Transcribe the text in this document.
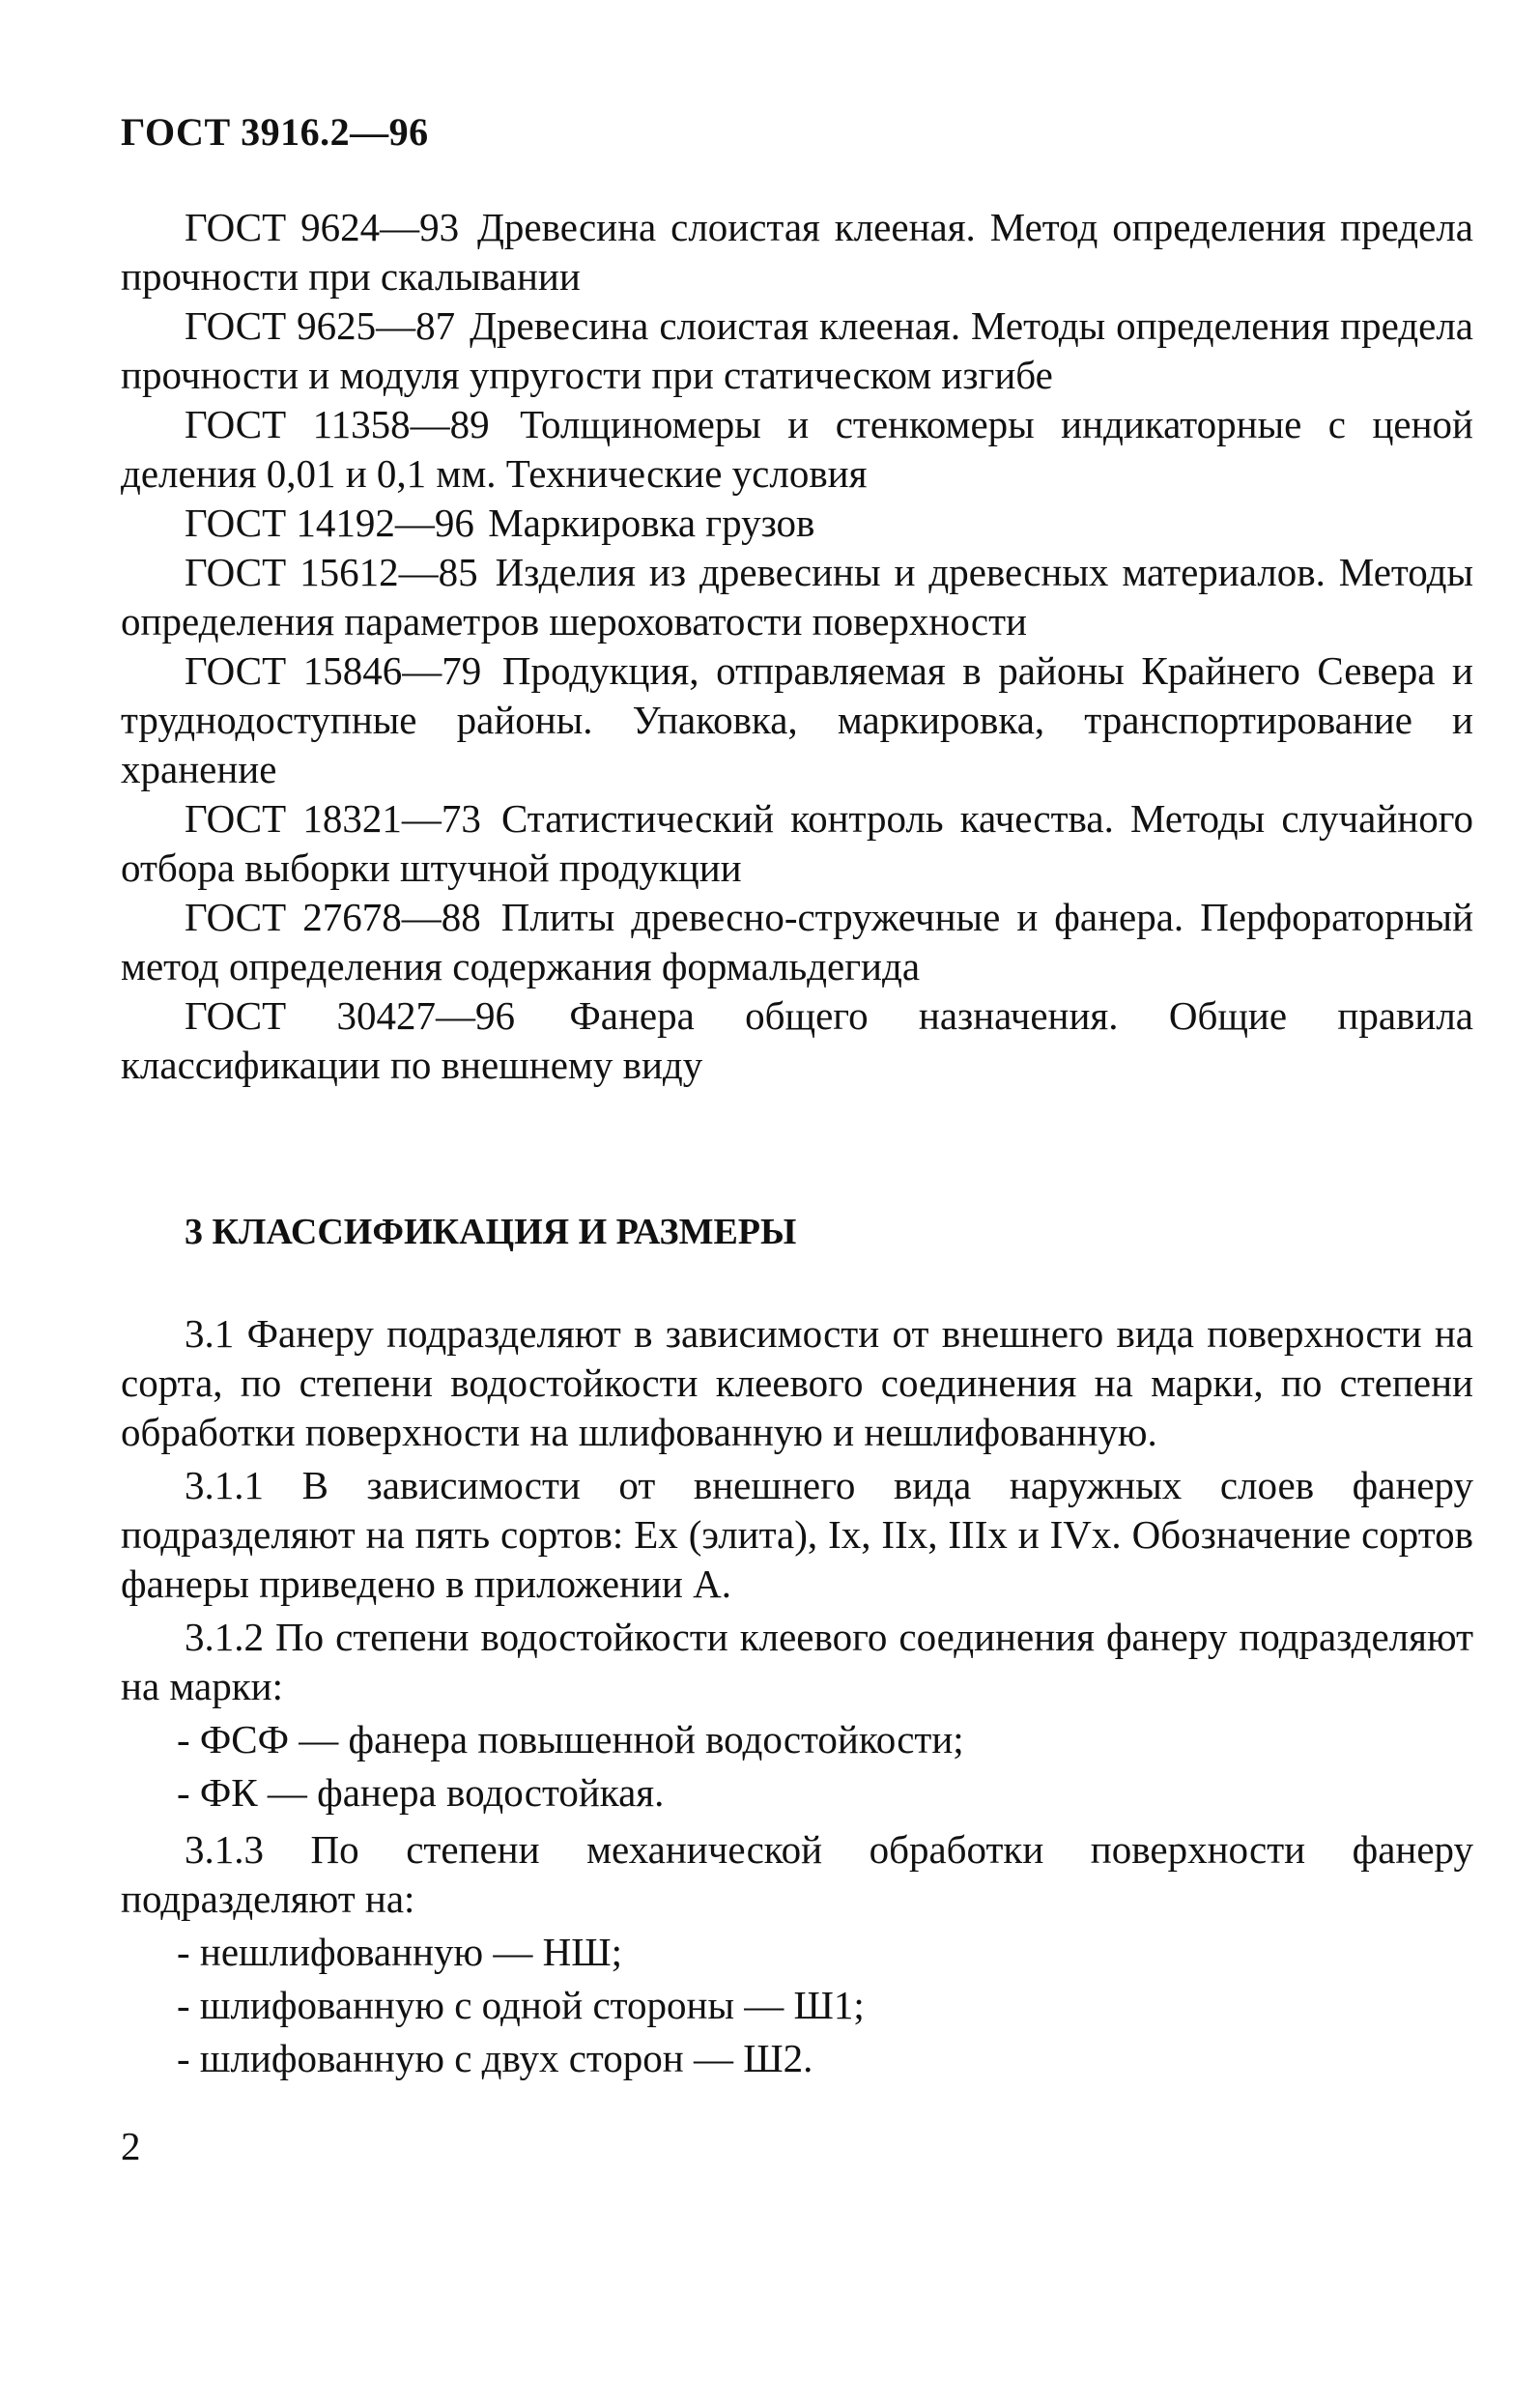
ГОСТ 3916.2—96

ГОСТ 9624—93 Древесина слоистая клееная. Метод определения предела прочности при скалывании

ГОСТ 9625—87 Древесина слоистая клееная. Методы определения предела прочности и модуля упругости при статическом изгибе

ГОСТ 11358—89 Толщиномеры и стенкомеры индикаторные с ценой деления 0,01 и 0,1 мм. Технические условия

ГОСТ 14192—96 Маркировка грузов

ГОСТ 15612—85 Изделия из древесины и древесных материалов. Методы определения параметров шероховатости поверхности

ГОСТ 15846—79 Продукция, отправляемая в районы Крайнего Севера и труднодоступные районы. Упаковка, маркировка, транспортирование и хранение

ГОСТ 18321—73 Статистический контроль качества. Методы случайного отбора выборки штучной продукции

ГОСТ 27678—88 Плиты древесно-стружечные и фанера. Перфораторный метод определения содержания формальдегида

ГОСТ 30427—96 Фанера общего назначения. Общие правила классификации по внешнему виду

3 КЛАССИФИКАЦИЯ И РАЗМЕРЫ

3.1 Фанеру подразделяют в зависимости от внешнего вида поверхности на сорта, по степени водостойкости клеевого соединения на марки, по степени обработки поверхности на шлифованную и нешлифованную.

3.1.1 В зависимости от внешнего вида наружных слоев фанеру подразделяют на пять сортов: Ех (элита), Iх, IIх, IIIх и IVх. Обозначение сортов фанеры приведено в приложении А.

3.1.2 По степени водостойкости клеевого соединения фанеру подразделяют на марки:

- ФСФ — фанера повышенной водостойкости;
- ФК — фанера водостойкая.

3.1.3 По степени механической обработки поверхности фанеру подразделяют на:

- нешлифованную — НШ;
- шлифованную с одной стороны — Ш1;
- шлифованную с двух сторон — Ш2.
2
